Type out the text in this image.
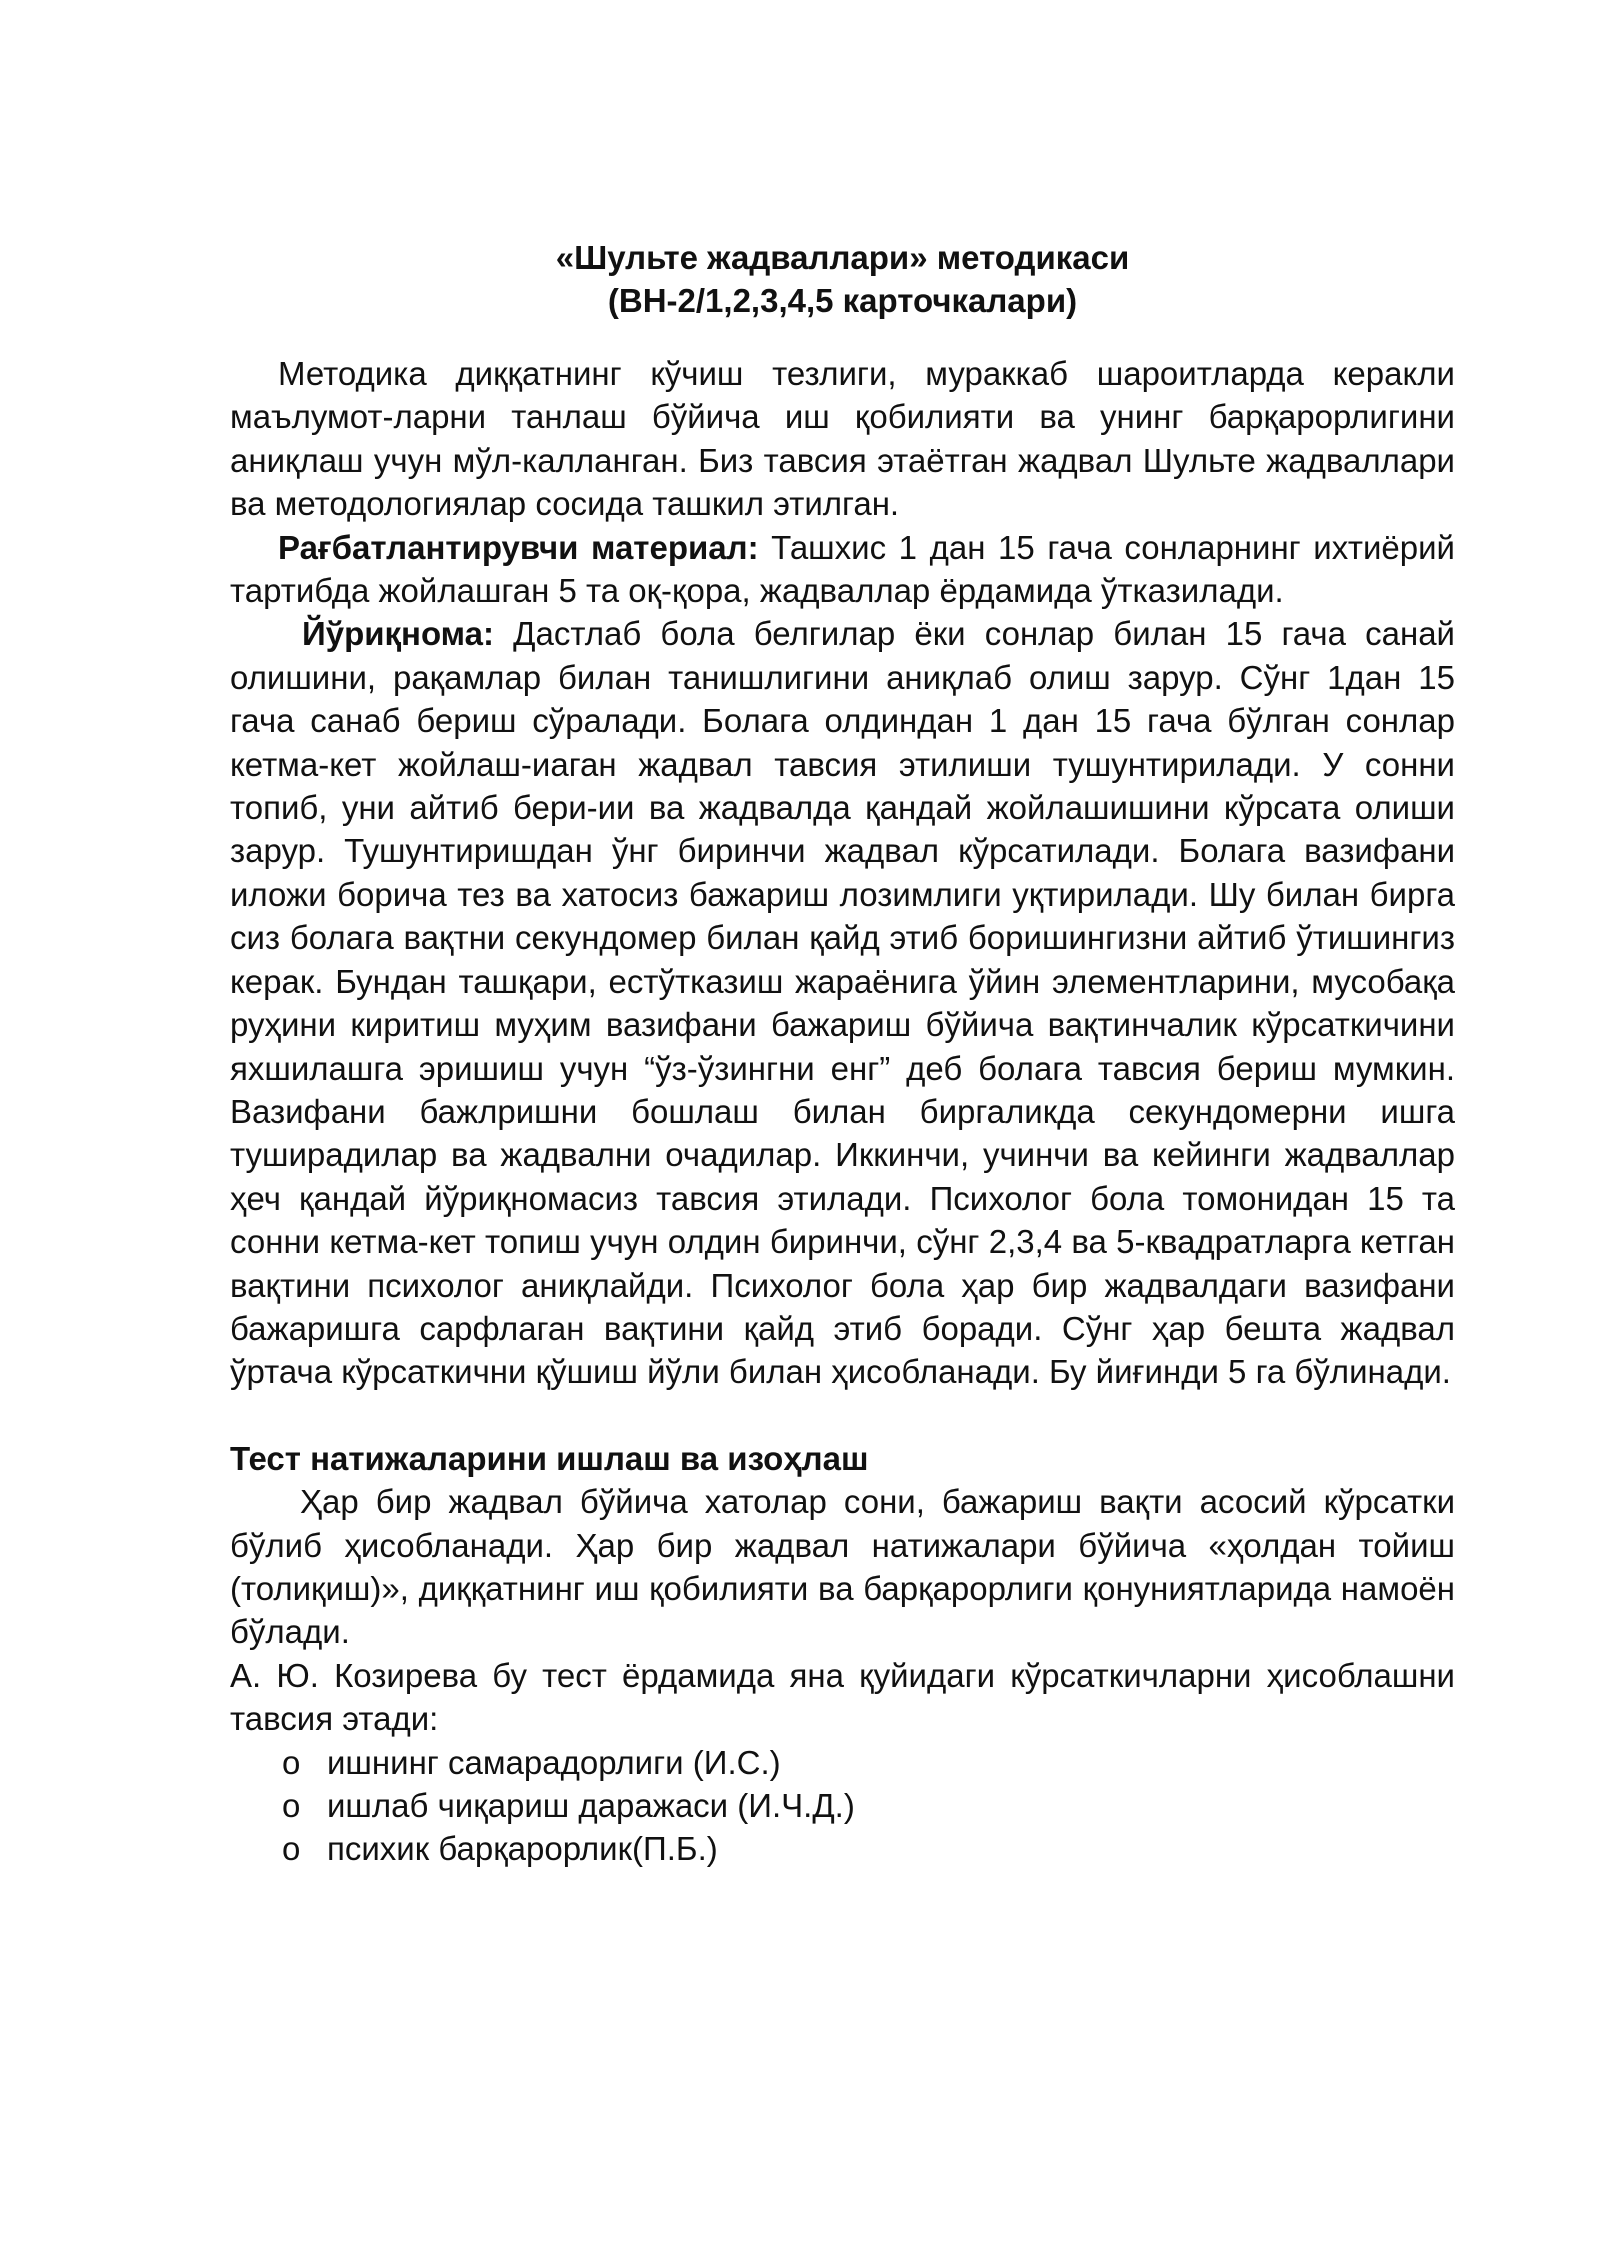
«Шульте жадваллари» методикаси
(ВН-2/1,2,3,4,5 карточкалари)

Методика диққатнинг кўчиш тезлиги, мураккаб шароитларда керакли маълумот-ларни танлаш бўйича иш қобилияти ва унинг барқарорлигини аниқлаш учун мўл-калланган. Биз тавсия этаётган жадвал Шульте жадваллари ва методологиялар сосида ташкил этилган.

Рағбатлантирувчи материал: Ташхис 1 дан 15 гача сонларнинг ихтиёрий тартибда жойлашган 5 та оқ-қора, жадваллар ёрдамида ўтказилади.

Йўриқнома: Дастлаб бола белгилар ёки сонлар билан 15 гача санай олишини, рақамлар билан танишлигини аниқлаб олиш зарур. Сўнг 1дан 15 гача санаб бериш сўралади. Болага олдиндан 1 дан 15 гача бўлган сонлар кетма-кет жойлаш-иаган жадвал тавсия этилиши тушунтирилади. У сонни топиб, уни айтиб бери-ии ва жадвалда қандай жойлашишини кўрсата олиши зарур. Тушунтиришдан ўнг биринчи жадвал кўрсатилади. Болага вазифани иложи борича тез ва хатосиз бажариш лозимлиги уқтирилади. Шу билан бирга сиз болага вақтни секундомер билан қайд этиб боришингизни айтиб ўтишингиз керак. Бундан ташқари, естўтказиш жараёнига ўйин элементларини, мусобақа руҳини киритиш муҳим вазифани бажариш бўйича вақтинчалик кўрсаткичини яхшилашга эришиш учун “ўз-ўзингни енг” деб болага тавсия бериш мумкин. Вазифани бажлришни бошлаш билан биргаликда секундомерни ишга туширадилар ва жадвални очадилар. Иккинчи, учинчи ва кейинги жадваллар ҳеч қандай йўриқномасиз тавсия этилади. Психолог бола томонидан 15 та сонни кетма-кет топиш учун олдин биринчи, сўнг 2,3,4 ва 5-квадратларга кетган вақтини психолог аниқлайди. Психолог бола ҳар бир жадвалдаги вазифани бажаришга сарфлаган вақтини қайд этиб боради. Сўнг ҳар бешта жадвал ўртача кўрсаткични қўшиш йўли билан ҳисобланади. Бу йиғинди 5 га бўлинади.

Тест натижаларини ишлаш ва изоҳлаш

Ҳар бир жадвал бўйича хатолар сони, бажариш вақти асосий кўрсатки бўлиб ҳисобланади. Ҳар бир жадвал натижалари бўйича «ҳолдан тойиш (толиқиш)», диққатнинг иш қобилияти ва барқарорлиги қонуниятларида намоён бўлади.

А. Ю. Козирева бу тест ёрдамида яна қуйидаги кўрсаткичларни ҳисоблашни тавсия этади:

o ишнинг самарадорлиги (И.С.)
o ишлаб чиқариш даражаси (И.Ч.Д.)
o психик барқарорлик(П.Б.)
